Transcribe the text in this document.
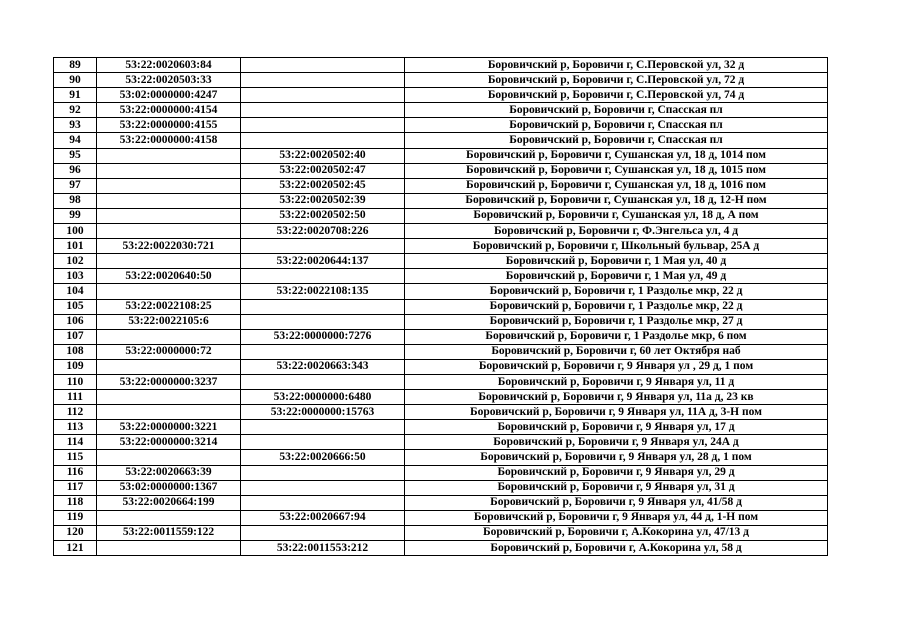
89	53:22:0020603:84		Боровичский р, Боровичи г, С.Перовской ул, 32 д
90	53:22:0020503:33		Боровичский р, Боровичи г, С.Перовской ул, 72 д
91	53:02:0000000:4247		Боровичский р, Боровичи г, С.Перовской ул, 74 д
92	53:22:0000000:4154		Боровичский р, Боровичи г, Спасская пл
93	53:22:0000000:4155		Боровичский р, Боровичи г, Спасская пл
94	53:22:0000000:4158		Боровичский р, Боровичи г, Спасская пл
95		53:22:0020502:40	Боровичский р, Боровичи г, Сушанская ул, 18 д, 1014 пом
96		53:22:0020502:47	Боровичский р, Боровичи г, Сушанская ул, 18 д, 1015 пом
97		53:22:0020502:45	Боровичский р, Боровичи г, Сушанская ул, 18 д, 1016 пом
98		53:22:0020502:39	Боровичский р, Боровичи г, Сушанская ул, 18 д, 12-Н пом
99		53:22:0020502:50	Боровичский р, Боровичи г, Сушанская ул, 18 д, А пом
100		53:22:0020708:226	Боровичский р, Боровичи г, Ф.Энгельса ул, 4 д
101	53:22:0022030:721		Боровичский р, Боровичи г, Школьный бульвар, 25А д
102		53:22:0020644:137	Боровичский р, Боровичи г, 1 Мая ул, 40 д
103	53:22:0020640:50		Боровичский р, Боровичи г, 1 Мая ул, 49 д
104		53:22:0022108:135	Боровичский р, Боровичи г, 1 Раздолье мкр, 22 д
105	53:22:0022108:25		Боровичский р, Боровичи г, 1 Раздолье мкр, 22 д
106	53:22:0022105:6		Боровичский р, Боровичи г, 1 Раздолье мкр, 27 д
107		53:22:0000000:7276	Боровичский р, Боровичи г, 1 Раздолье мкр, 6 пом
108	53:22:0000000:72		Боровичский р, Боровичи г, 60 лет Октября наб
109		53:22:0020663:343	Боровичский р, Боровичи г, 9 Января ул , 29 д, 1 пом
110	53:22:0000000:3237		Боровичский р, Боровичи г, 9 Января ул, 11 д
111		53:22:0000000:6480	Боровичский р, Боровичи г, 9 Января ул, 11а д, 23 кв
112		53:22:0000000:15763	Боровичский р, Боровичи г, 9 Января ул, 11А д, 3-Н пом
113	53:22:0000000:3221		Боровичский р, Боровичи г, 9 Января ул, 17 д
114	53:22:0000000:3214		Боровичский р, Боровичи г, 9 Января ул, 24А д
115		53:22:0020666:50	Боровичский р, Боровичи г, 9 Января ул, 28 д, 1 пом
116	53:22:0020663:39		Боровичский р, Боровичи г, 9 Января ул, 29 д
117	53:02:0000000:1367		Боровичский р, Боровичи г, 9 Января ул, 31 д
118	53:22:0020664:199		Боровичский р, Боровичи г, 9 Января ул, 41/58 д
119		53:22:0020667:94	Боровичский р, Боровичи г, 9 Января ул, 44 д, 1-Н пом
120	53:22:0011559:122		Боровичский р, Боровичи г, А.Кокорина ул, 47/13 д
121		53:22:0011553:212	Боровичский р, Боровичи г, А.Кокорина ул, 58 д
